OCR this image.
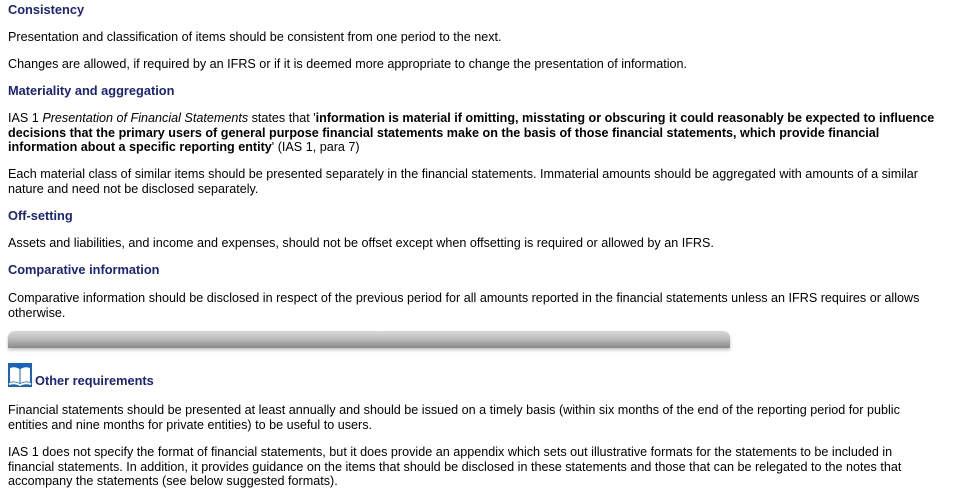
Consistency

Presentation and classification of items should be consistent from one period to the next.

Changes are allowed, if required by an IFRS or if it is deemed more appropriate to change the presentation of information.

Materiality and aggregation

IAS 1 Presentation of Financial Statements states that 'information is material if omitting, misstating or obscuring it could reasonably be expected to influence decisions that the primary users of general purpose financial statements make on the basis of those financial statements, which provide financial information about a specific reporting entity' (IAS 1, para 7)

Each material class of similar items should be presented separately in the financial statements. Immaterial amounts should be aggregated with amounts of a similar nature and need not be disclosed separately.

Off-setting

Assets and liabilities, and income and expenses, should not be offset except when offsetting is required or allowed by an IFRS.

Comparative information

Comparative information should be disclosed in respect of the previous period for all amounts reported in the financial statements unless an IFRS requires or allows otherwise.

Other requirements

Financial statements should be presented at least annually and should be issued on a timely basis (within six months of the end of the reporting period for public entities and nine months for private entities) to be useful to users.

IAS 1 does not specify the format of financial statements, but it does provide an appendix which sets out illustrative formats for the statements to be included in financial statements. In addition, it provides guidance on the items that should be disclosed in these statements and those that can be relegated to the notes that accompany the statements (see below suggested formats).
